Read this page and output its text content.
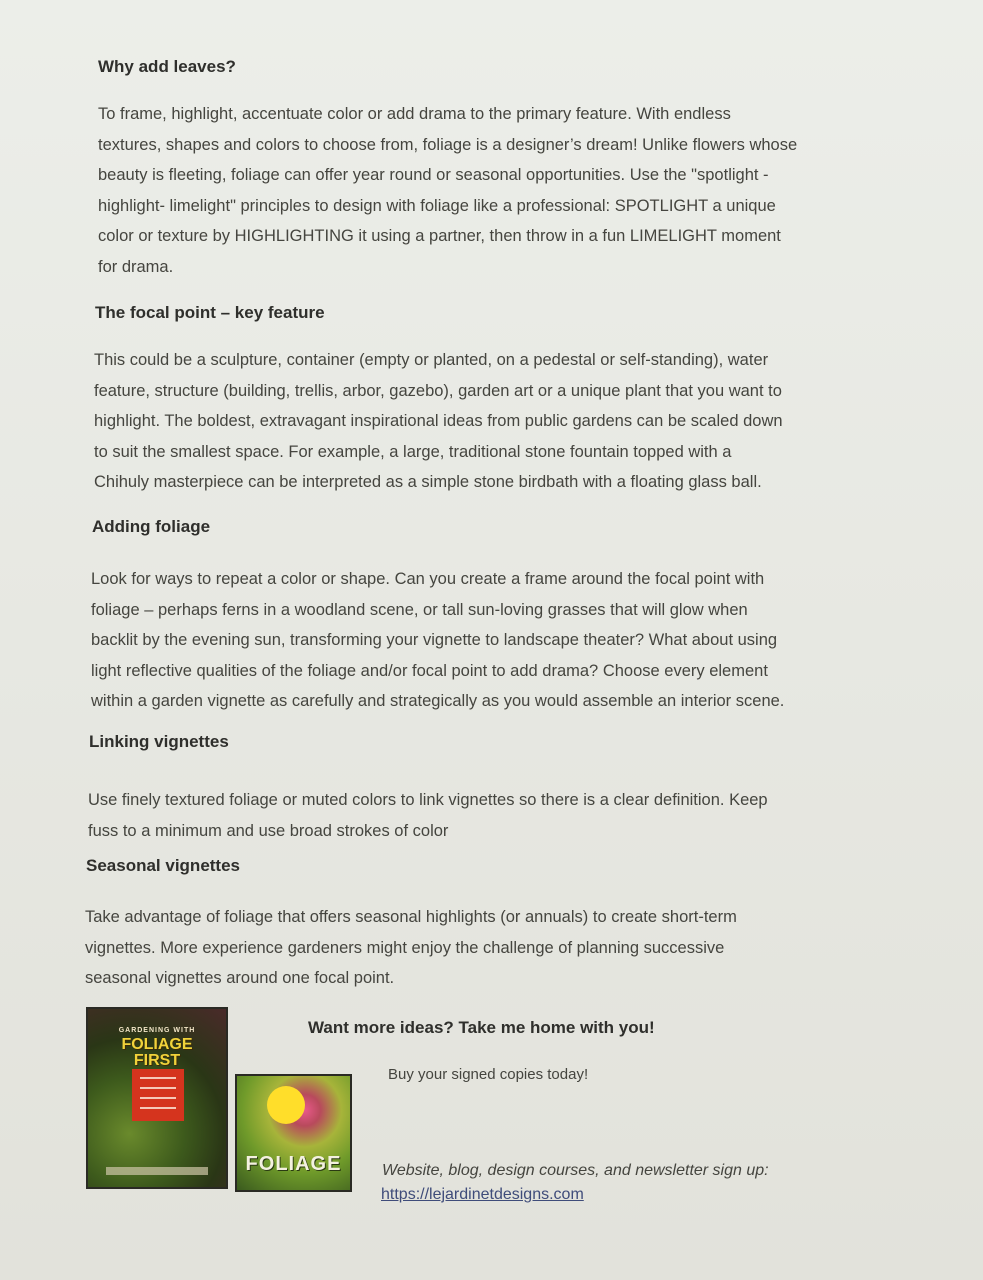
Why add leaves?
To frame, highlight, accentuate color or add drama to the primary feature. With endless
textures, shapes and colors to choose from, foliage is a designer’s dream! Unlike flowers whose
beauty is fleeting, foliage can offer year round or seasonal opportunities. Use the "spotlight -
highlight- limelight" principles to design with foliage like a professional: SPOTLIGHT a unique
color or texture by HIGHLIGHTING it using a partner, then throw in a fun LIMELIGHT moment
for drama.
The focal point – key feature
This could be a sculpture, container (empty or planted, on a pedestal or self-standing), water
feature, structure (building, trellis, arbor, gazebo), garden art or a unique plant that you want to
highlight. The boldest, extravagant inspirational ideas from public gardens can be scaled down
to suit the smallest space. For example, a large, traditional stone fountain topped with a
Chihuly masterpiece can be interpreted as a simple stone birdbath with a floating glass ball.
Adding foliage
Look for ways to repeat a color or shape. Can you create a frame around the focal point with
foliage – perhaps ferns in a woodland scene, or tall sun-loving grasses that will glow when
backlit by the evening sun, transforming your vignette to landscape theater? What about using
light reflective qualities of the foliage and/or focal point to add drama? Choose every element
within a garden vignette as carefully and strategically as you would assemble an interior scene.
Linking vignettes
Use finely textured foliage or muted colors to link vignettes so there is a clear definition. Keep
fuss to a minimum and use broad strokes of color
Seasonal vignettes
Take advantage of foliage that offers seasonal highlights (or annuals) to create short-term
vignettes. More experience gardeners might enjoy the challenge of planning successive
seasonal vignettes around one focal point.
GARDENING WITH
FOLIAGE
FIRST
FOLIAGE
Want more ideas? Take me home with you!
Buy your signed copies today!
Website, blog, design courses, and newsletter sign up:
https://lejardinetdesigns.com
